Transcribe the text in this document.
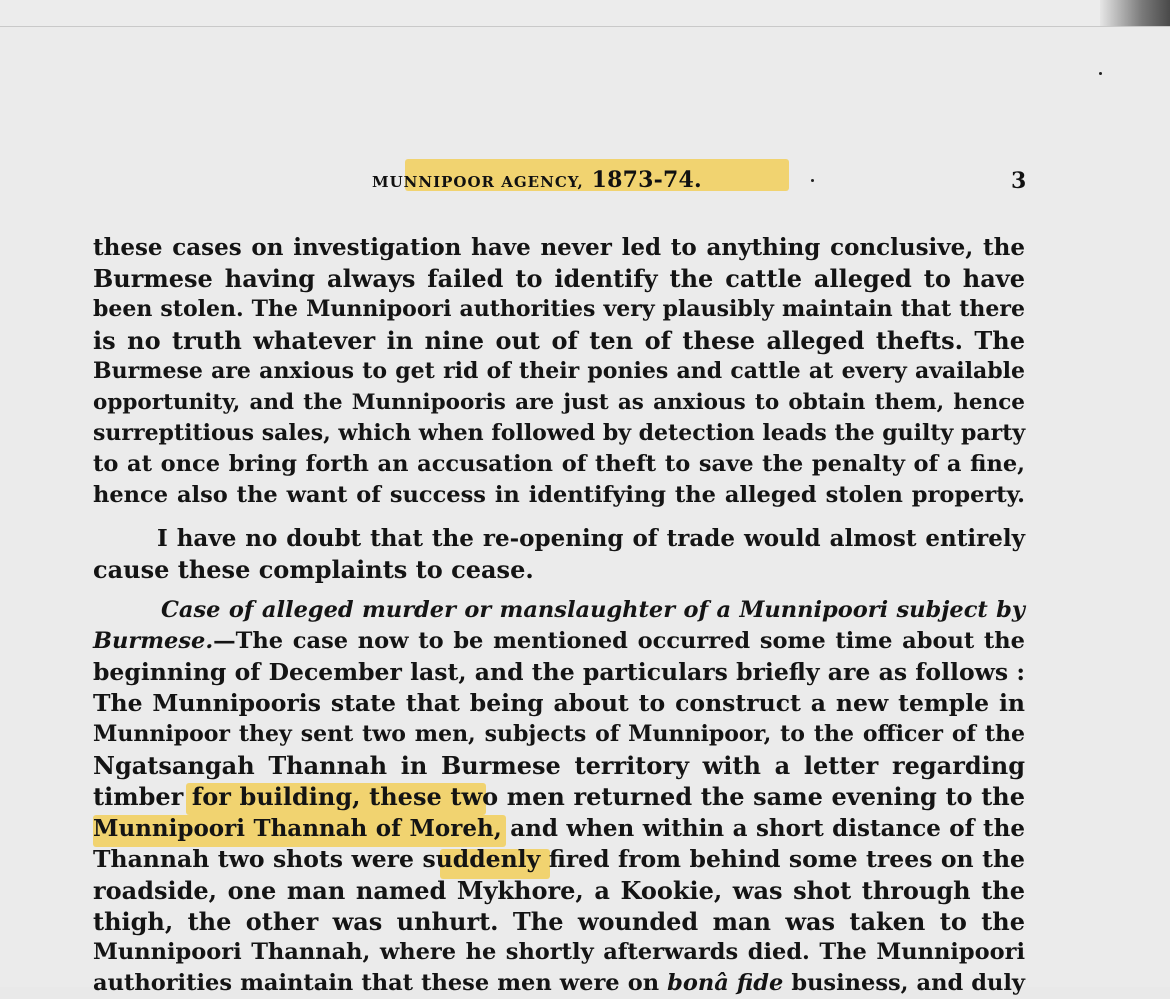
MUNNIPOOR AGENCY, 1873-74.	3
these cases on investigation have never led to anything conclusive, the
Burmese having always failed to identify the cattle alleged to have
been stolen. The Munnipoori authorities very plausibly maintain that there
is no truth whatever in nine out of ten of these alleged thefts. The
Burmese are anxious to get rid of their ponies and cattle at every available
opportunity, and the Munnipooris are just as anxious to obtain them, hence
surreptitious sales, which when followed by detection leads the guilty party
to at once bring forth an accusation of theft to save the penalty of a fine,
hence also the want of success in identifying the alleged stolen property.
I have no doubt that the re-opening of trade would almost entirely
cause these complaints to cease.
Case of alleged murder or manslaughter of a Munnipoori subject by
Burmese.—The case now to be mentioned occurred some time about the
beginning of December last, and the particulars briefly are as follows :
The Munnipooris state that being about to construct a new temple in
Munnipoor they sent two men, subjects of Munnipoor, to the officer of the
Ngatsangah Thannah in Burmese territory with a letter regarding
timber for building, these two men returned the same evening to the
Munnipoori Thannah of Moreh, and when within a short distance of the
Thannah two shots were suddenly fired from behind some trees on the
roadside, one man named Mykhore, a Kookie, was shot through the
thigh, the other was unhurt. The wounded man was taken to the
Munnipoori Thannah, where he shortly afterwards died. The Munnipoori
authorities maintain that these men were on bonâ fide business, and duly
